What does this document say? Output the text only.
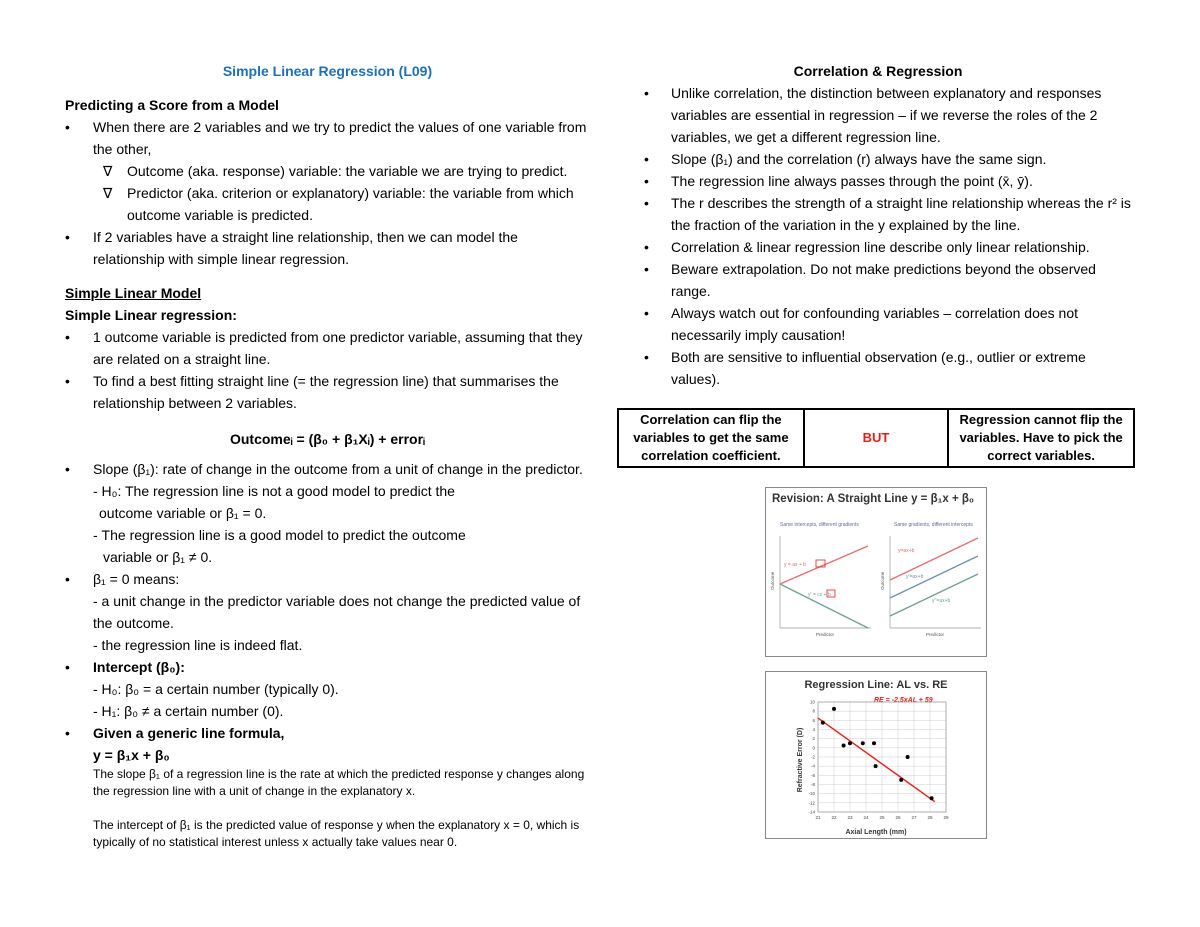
Simple Linear Regression (L09)

Predicting a Score from a Model

• When there are 2 variables and we try to predict the values of one variable from the other,
∇ Outcome (aka. response) variable: the variable we are trying to predict.
∇ Predictor (aka. criterion or explanatory) variable: the variable from which outcome variable is predicted.
• If 2 variables have a straight line relationship, then we can model the relationship with simple linear regression.

Simple Linear Model

Simple Linear regression:

• 1 outcome variable is predicted from one predictor variable, assuming that they are related on a straight line.
• To find a best fitting straight line (= the regression line) that summarises the relationship between 2 variables.

Outcomeᵢ = (β₀ + β₁Xᵢ) + errorᵢ

• Slope (β₁): rate of change in the outcome from a unit of change in the predictor.
- H₀: The regression line is not a good model to predict the
outcome variable or β₁ = 0.
- The regression line is a good model to predict the outcome
variable or β₁ ≠ 0.
• β₁ = 0 means:
- a unit change in the predictor variable does not change the predicted value of the outcome.
- the regression line is indeed flat.
• Intercept (β₀):
- H₀: β₀ = a certain number (typically 0).
- H₁: β₀ ≠ a certain number (0).
• Given a generic line formula,
y = β₁x + β₀
The slope β₁ of a regression line is the rate at which the predicted response y changes along the regression line with a unit of change in the explanatory x.
The intercept of β₁ is the predicted value of response y when the explanatory x = 0, which is typically of no statistical interest unless x actually take values near 0.

Correlation & Regression

• Unlike correlation, the distinction between explanatory and responses variables are essential in regression – if we reverse the roles of the 2 variables, we get a different regression line.
• Slope (β₁) and the correlation (r) always have the same sign.
• The regression line always passes through the point (x̄, ȳ).
• The r describes the strength of a straight line relationship whereas the r² is the fraction of the variation in the y explained by the line.
• Correlation & linear regression line describe only linear relationship.
• Beware extrapolation. Do not make predictions beyond the observed range.
• Always watch out for confounding variables – correlation does not necessarily imply causation!
• Both are sensitive to influential observation (e.g., outlier or extreme values).
Correlation can flip the variables to get the same correlation coefficient.	BUT	Regression cannot flip the variables. Have to pick the correct variables.
Revision: A Straight Line y = β₁x + β₀
Same intercepts, different gradients	Same gradients, different intercepts
y = ax + b
y' = cx + b
y=ax+b
y'=ax+b
y''=ax+b
Predictor	Predictor
Outcome	Outcome
Regression Line: AL vs. RE
RE = -2.5xAL + 59
Axial Length (mm)
Refractive Error (D)
21 22 23 24 25 26 27 28 29
10
8
6
4
2
0
-2
-4
-6
-8
-10
-12
-14
